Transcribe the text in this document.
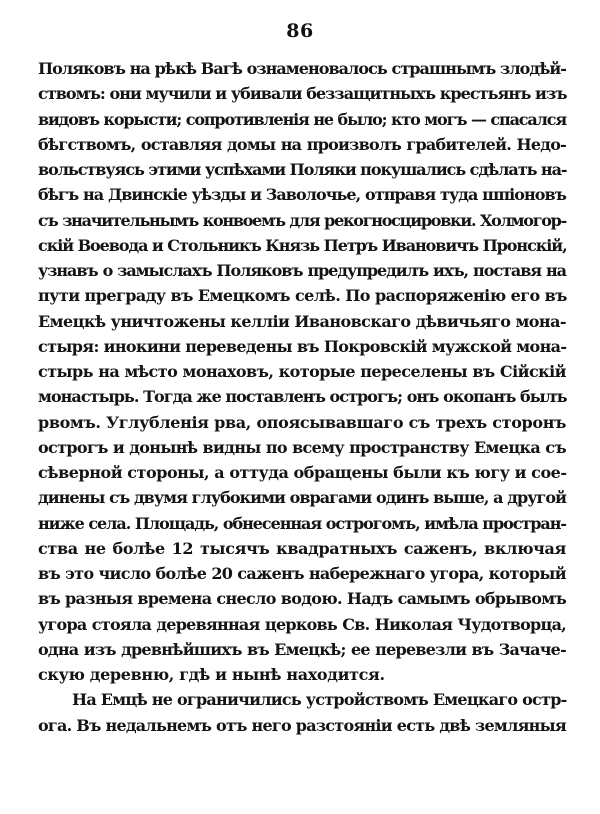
86
Поляковъ на рѣкѣ Вагѣ ознаменовалось страшнымъ злодѣй-
ствомъ: они мучили и убивали беззащитныхъ крестьянъ изъ
видовъ корысти; сопротивленія не было; кто могъ — спасался
бѣгствомъ, оставляя домы на произволъ грабителей. Недо-
вольствуясь этими успѣхами Поляки покушались сдѣлать на-
бѣгъ на Двинскіе уѣзды и Заволочье, отправя туда шпіоновъ
съ значительнымъ конвоемъ для рекогносцировки. Холмогор-
скій Воевода и Стольникъ Князь Петръ Ивановичъ Пронскій,
узнавъ о замыслахъ Поляковъ предупредилъ ихъ, поставя на
пути преграду въ Емецкомъ селѣ. По распоряженію его въ
Емецкѣ уничтожены келліи Ивановскаго дѣвичьяго мона-
стыря: инокини переведены въ Покровскій мужской мона-
стырь на мѣсто монаховъ, которые переселены въ Сійскій
монастырь. Тогда же поставленъ острогъ; онъ окопанъ былъ
рвомъ. Углубленія рва, опоясывавшаго съ трехъ сторонъ
острогъ и донынѣ видны по всему пространству Емецка съ
сѣверной стороны, а оттуда обращены были къ югу и сое-
динены съ двумя глубокими оврагами одинъ выше, а другой
ниже села. Площадь, обнесенная острогомъ, имѣла простран-
ства не болѣе 12 тысячъ квадратныхъ саженъ, включая
въ это число болѣе 20 саженъ набережнаго угора, который
въ разныя времена снесло водою. Надъ самымъ обрывомъ
угора стояла деревянная церковь Св. Николая Чудотворца,
одна изъ древнѣйшихъ въ Емецкѣ; ее перевезли въ Зачаче-
скую деревню, гдѣ и нынѣ находится.
На Емцѣ не ограничились устройствомъ Емецкаго остр-
ога. Въ недальнемъ отъ него разстояніи есть двѣ земляныя
